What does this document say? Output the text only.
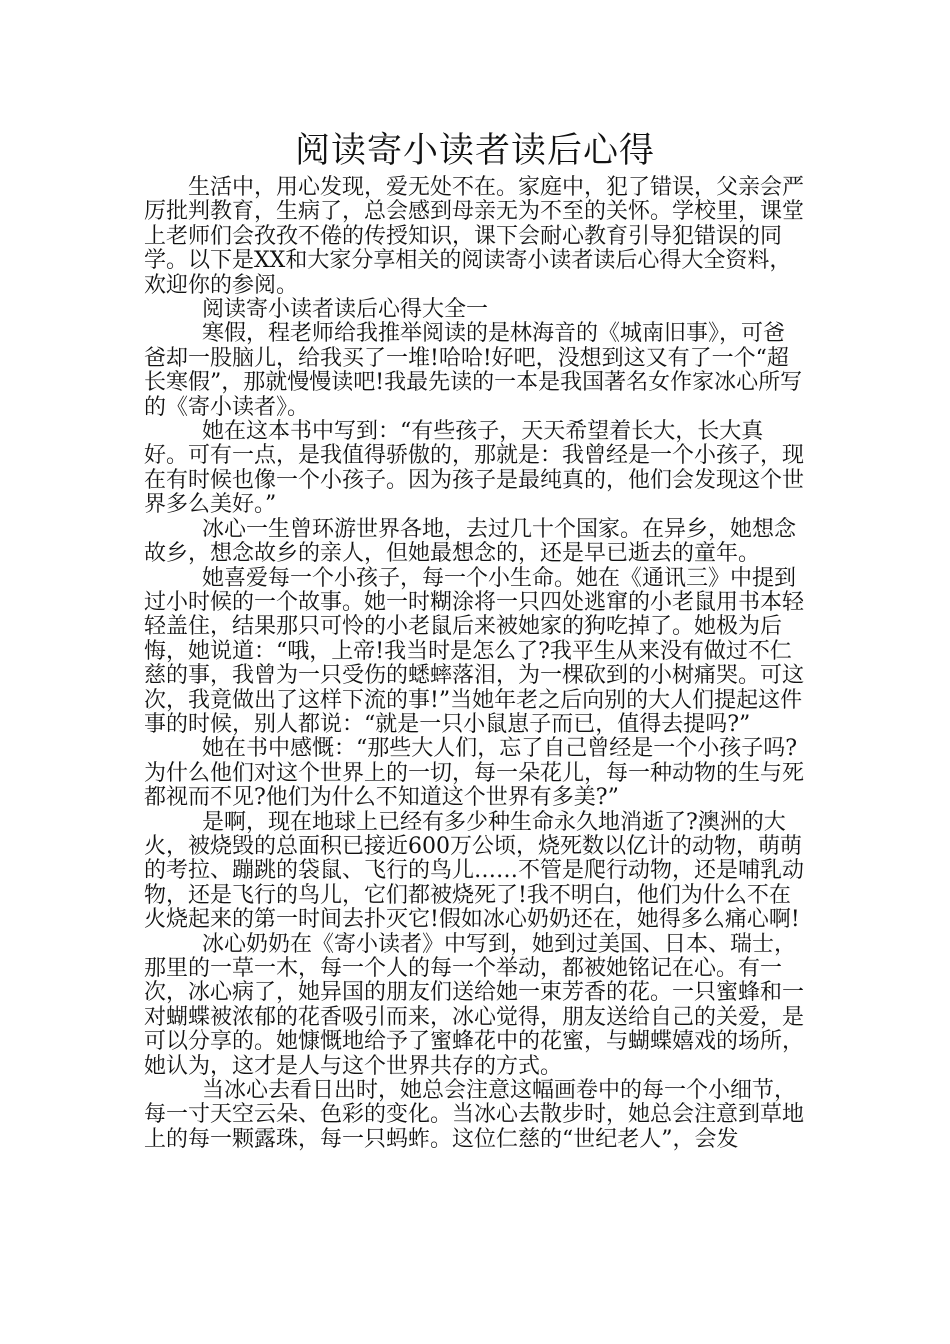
阅读寄小读者读后心得

生活中，用心发现，爱无处不在。家庭中，犯了错误，父亲会严厉批判教育，生病了，总会感到母亲无为不至的关怀。学校里，课堂上老师们会孜孜不倦的传授知识，课下会耐心教育引导犯错误的同学。以下是XX和大家分享相关的阅读寄小读者读后心得大全资料，欢迎你的参阅。

阅读寄小读者读后心得大全一

寒假，程老师给我推举阅读的是林海音的《城南旧事》，可爸爸却一股脑儿，给我买了一堆!哈哈!好吧，没想到这又有了一个“超长寒假”，那就慢慢读吧!我最先读的一本是我国著名女作家冰心所写的《寄小读者》。

她在这本书中写到：“有些孩子，天天希望着长大，长大真好。可有一点，是我值得骄傲的，那就是：我曾经是一个小孩子，现在有时候也像一个小孩子。因为孩子是最纯真的，他们会发现这个世界多么美好。”

冰心一生曾环游世界各地，去过几十个国家。在异乡，她想念故乡，想念故乡的亲人，但她最想念的，还是早已逝去的童年。

她喜爱每一个小孩子，每一个小生命。她在《通讯三》中提到过小时候的一个故事。她一时糊涂将一只四处逃窜的小老鼠用书本轻轻盖住，结果那只可怜的小老鼠后来被她家的狗吃掉了。她极为后悔，她说道：“哦，上帝!我当时是怎么了?我平生从来没有做过不仁慈的事，我曾为一只受伤的蟋蟀落泪，为一棵砍到的小树痛哭。可这次，我竟做出了这样下流的事!”当她年老之后向别的大人们提起这件事的时候，别人都说：“就是一只小鼠崽子而已，值得去提吗?”

她在书中感慨：“那些大人们，忘了自己曾经是一个小孩子吗?为什么他们对这个世界上的一切，每一朵花儿，每一种动物的生与死都视而不见?他们为什么不知道这个世界有多美?”

是啊，现在地球上已经有多少种生命永久地消逝了?澳洲的大火，被烧毁的总面积已接近600万公顷，烧死数以亿计的动物，萌萌的考拉、蹦跳的袋鼠、飞行的鸟儿……不管是爬行动物，还是哺乳动物，还是飞行的鸟儿，它们都被烧死了!我不明白，他们为什么不在火烧起来的第一时间去扑灭它!假如冰心奶奶还在，她得多么痛心啊!

冰心奶奶在《寄小读者》中写到，她到过美国、日本、瑞士，那里的一草一木，每一个人的每一个举动，都被她铭记在心。有一次，冰心病了，她异国的朋友们送给她一束芳香的花。一只蜜蜂和一对蝴蝶被浓郁的花香吸引而来，冰心觉得，朋友送给自己的关爱，是可以分享的。她慷慨地给予了蜜蜂花中的花蜜，与蝴蝶嬉戏的场所，她认为，这才是人与这个世界共存的方式。

当冰心去看日出时，她总会注意这幅画卷中的每一个小细节，每一寸天空云朵、色彩的变化。当冰心去散步时，她总会注意到草地上的每一颗露珠，每一只蚂蚱。这位仁慈的“世纪老人”，会发
